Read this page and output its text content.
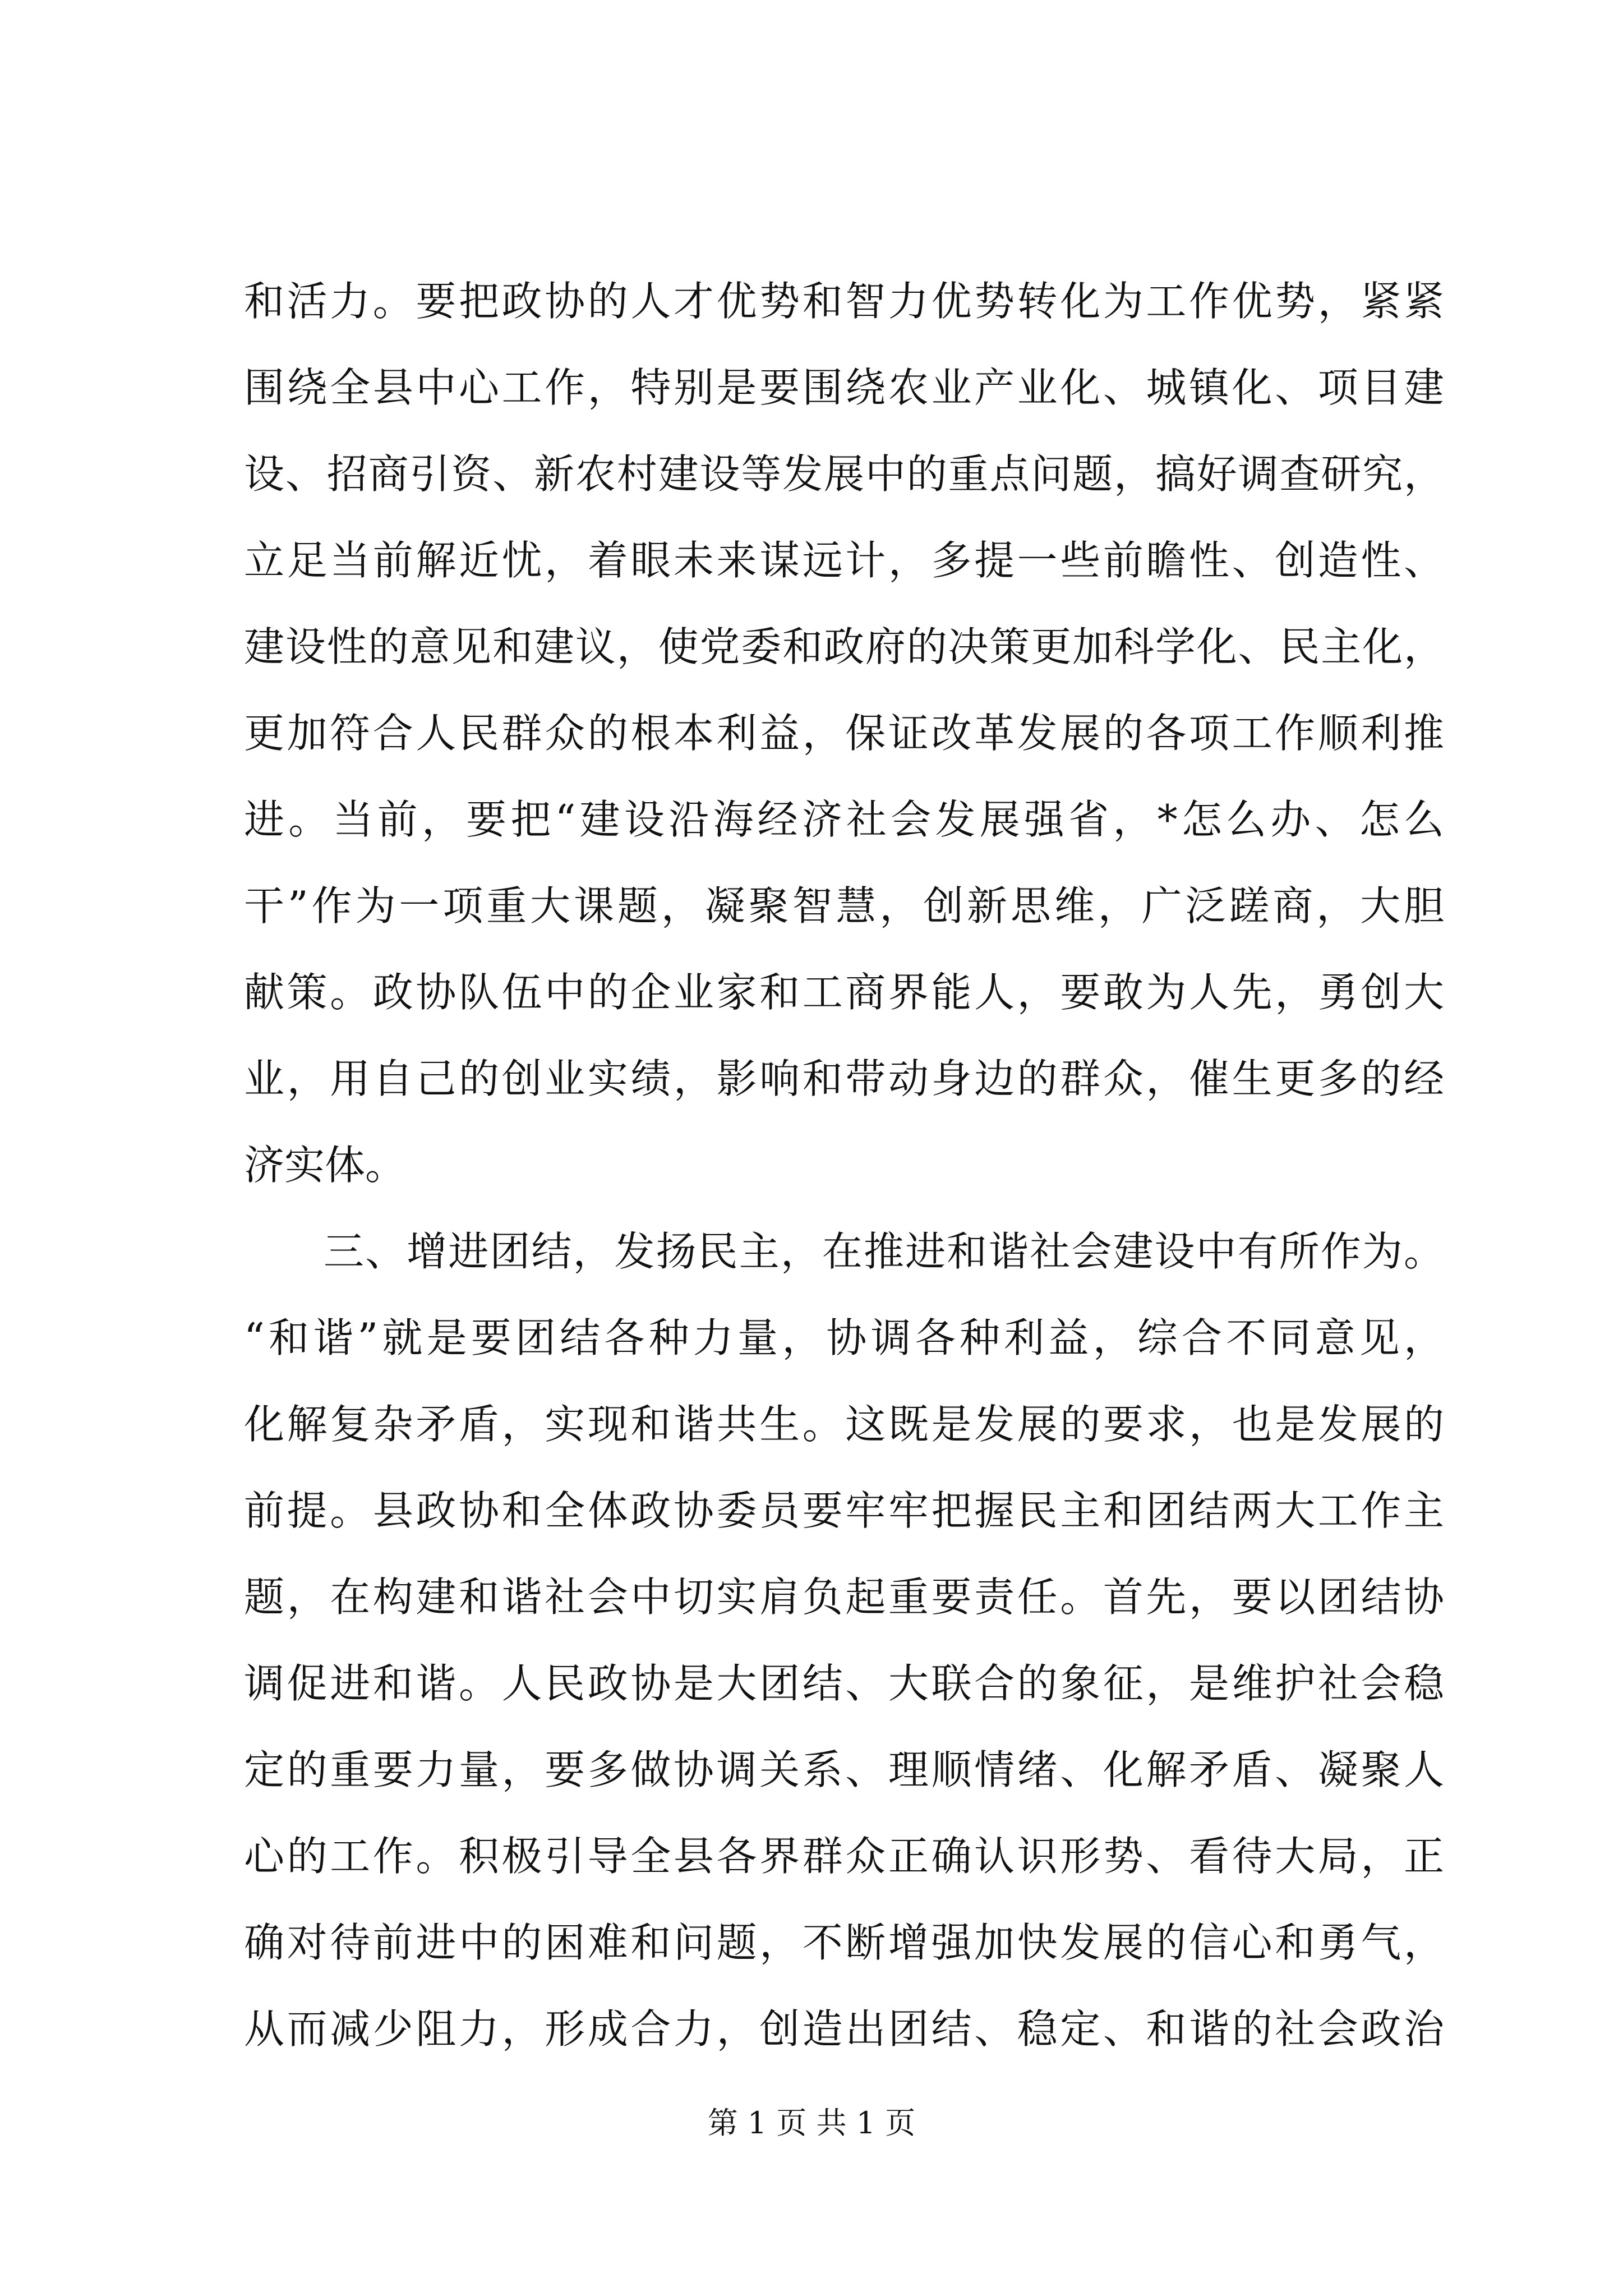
和活力。要把政协的人才优势和智力优势转化为工作优势，紧紧
围绕全县中心工作，特别是要围绕农业产业化、城镇化、项目建
设、招商引资、新农村建设等发展中的重点问题，搞好调查研究，
立足当前解近忧，着眼未来谋远计，多提一些前瞻性、创造性、
建设性的意见和建议，使党委和政府的决策更加科学化、民主化，
更加符合人民群众的根本利益，保证改革发展的各项工作顺利推
进。当前，要把“建设沿海经济社会发展强省，*怎么办、怎么
干”作为一项重大课题，凝聚智慧，创新思维，广泛蹉商，大胆
献策。政协队伍中的企业家和工商界能人，要敢为人先，勇创大
业，用自己的创业实绩，影响和带动身边的群众，催生更多的经
济实体。
三、增进团结，发扬民主，在推进和谐社会建设中有所作为。
“和谐”就是要团结各种力量，协调各种利益，综合不同意见，
化解复杂矛盾，实现和谐共生。这既是发展的要求，也是发展的
前提。县政协和全体政协委员要牢牢把握民主和团结两大工作主
题，在构建和谐社会中切实肩负起重要责任。首先，要以团结协
调促进和谐。人民政协是大团结、大联合的象征，是维护社会稳
定的重要力量，要多做协调关系、理顺情绪、化解矛盾、凝聚人
心的工作。积极引导全县各界群众正确认识形势、看待大局，正
确对待前进中的困难和问题，不断增强加快发展的信心和勇气，
从而减少阻力，形成合力，创造出团结、稳定、和谐的社会政治
第 1 页 共 1 页
